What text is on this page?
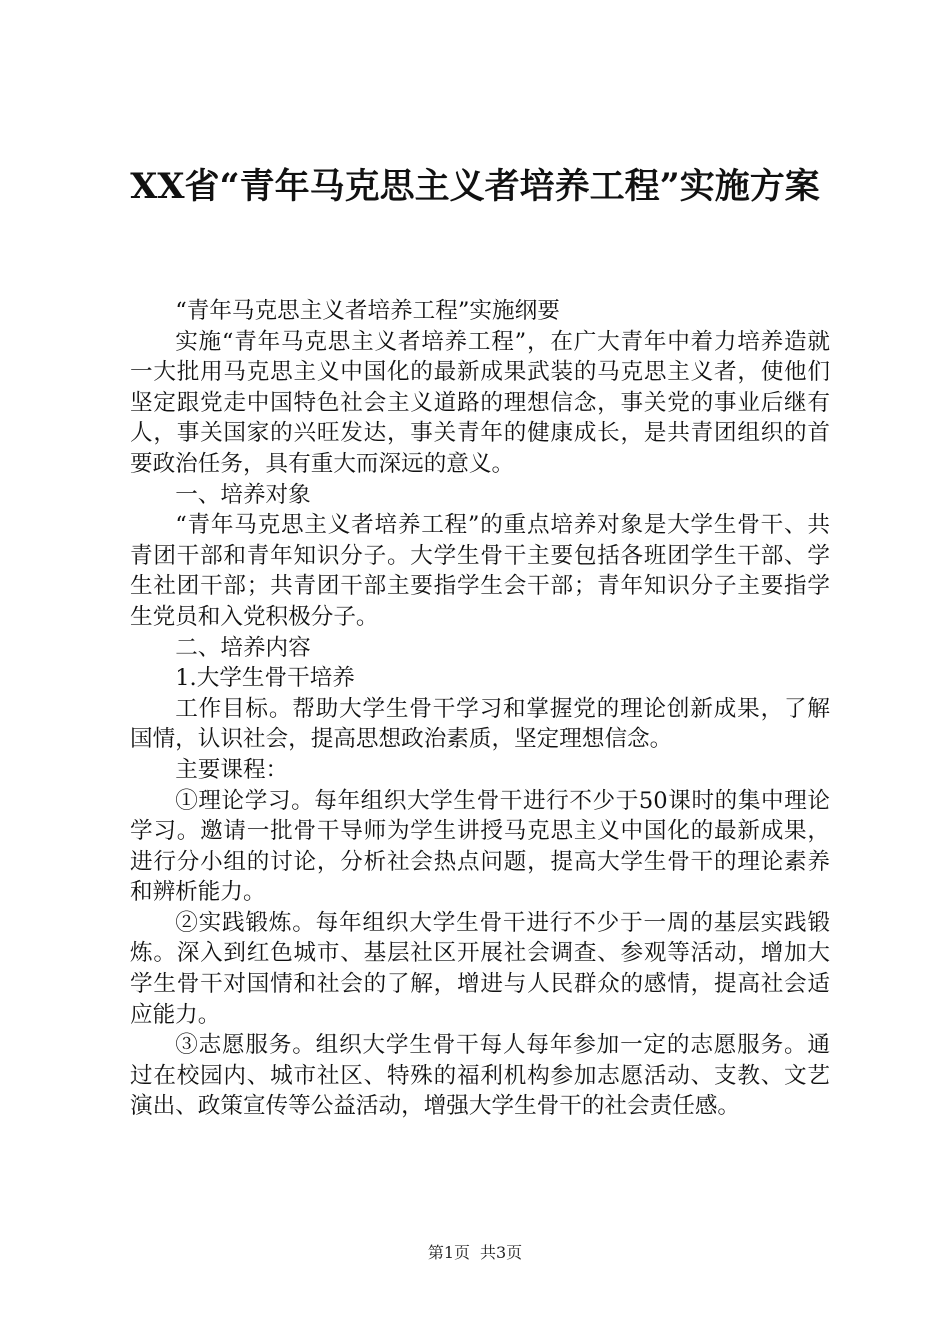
XX省“青年马克思主义者培养工程”实施方案

“青年马克思主义者培养工程”实施纲要

实施“青年马克思主义者培养工程”，在广大青年中着力培养造就一大批用马克思主义中国化的最新成果武装的马克思主义者，使他们坚定跟党走中国特色社会主义道路的理想信念，事关党的事业后继有人，事关国家的兴旺发达，事关青年的健康成长，是共青团组织的首要政治任务，具有重大而深远的意义。

一、培养对象

“青年马克思主义者培养工程”的重点培养对象是大学生骨干、共青团干部和青年知识分子。大学生骨干主要包括各班团学生干部、学生社团干部；共青团干部主要指学生会干部；青年知识分子主要指学生党员和入党积极分子。

二、培养内容

1.大学生骨干培养

工作目标。帮助大学生骨干学习和掌握党的理论创新成果，了解国情，认识社会，提高思想政治素质，坚定理想信念。

主要课程：

①理论学习。每年组织大学生骨干进行不少于50课时的集中理论学习。邀请一批骨干导师为学生讲授马克思主义中国化的最新成果，进行分小组的讨论，分析社会热点问题，提高大学生骨干的理论素养和辨析能力。

②实践锻炼。每年组织大学生骨干进行不少于一周的基层实践锻炼。深入到红色城市、基层社区开展社会调查、参观等活动，增加大学生骨干对国情和社会的了解，增进与人民群众的感情，提高社会适应能力。

③志愿服务。组织大学生骨干每人每年参加一定的志愿服务。通过在校园内、城市社区、特殊的福利机构参加志愿活动、支教、文艺演出、政策宣传等公益活动，增强大学生骨干的社会责任感。

第1页 共3页
